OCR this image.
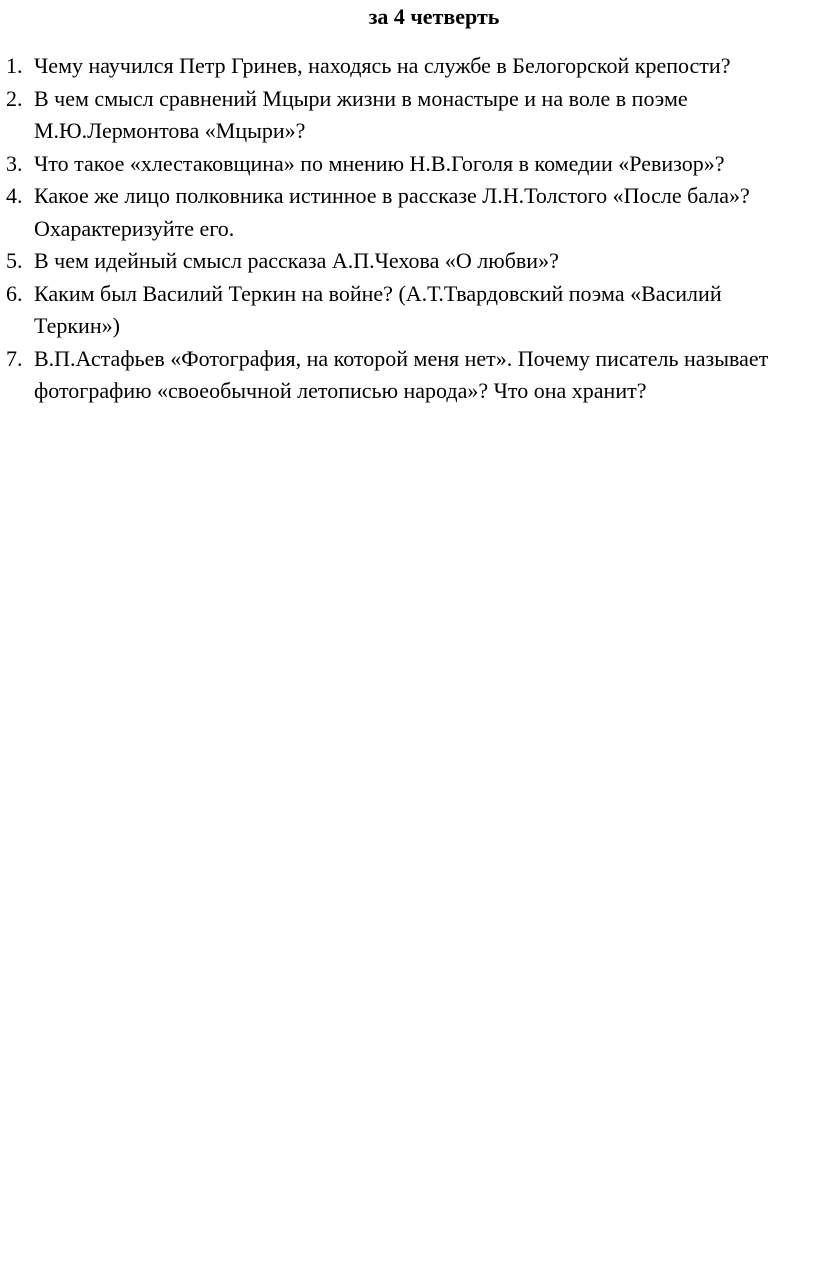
за 4 четверть
1. Чему научился Петр Гринев, находясь на службе в Белогорской крепости?
2. В чем смысл сравнений Мцыри жизни в монастыре и на воле в поэме М.Ю.Лермонтова «Мцыри»?
3. Что такое «хлестаковщина» по мнению Н.В.Гоголя в комедии «Ревизор»?
4. Какое же лицо полковника истинное в рассказе Л.Н.Толстого «После бала»? Охарактеризуйте его.
5. В чем идейный смысл рассказа А.П.Чехова «О любви»?
6. Каким был Василий Теркин на войне? (А.Т.Твардовский поэма «Василий Теркин»)
7. В.П.Астафьев «Фотография, на которой меня нет». Почему писатель называет фотографию «своеобычной летописью народа»? Что она хранит?
